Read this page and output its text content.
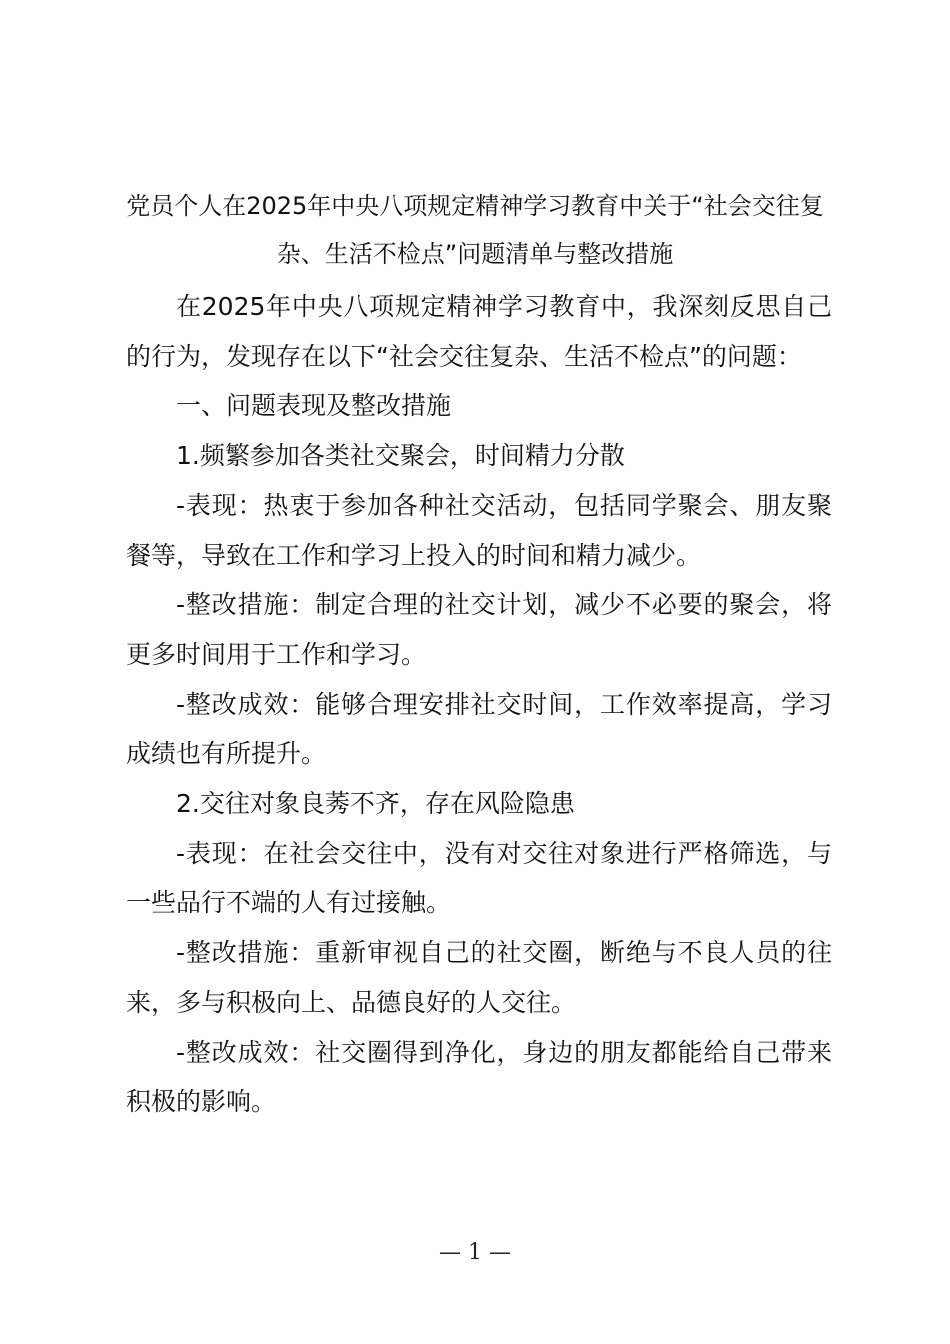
党员个人在2025年中央八项规定精神学习教育中关于“社会交往复杂、生活不检点”问题清单与整改措施

在2025年中央八项规定精神学习教育中，我深刻反思自己的行为，发现存在以下“社会交往复杂、生活不检点”的问题：

一、问题表现及整改措施

1.频繁参加各类社交聚会，时间精力分散

-表现：热衷于参加各种社交活动，包括同学聚会、朋友聚餐等，导致在工作和学习上投入的时间和精力减少。

-整改措施：制定合理的社交计划，减少不必要的聚会，将更多时间用于工作和学习。

-整改成效：能够合理安排社交时间，工作效率提高，学习成绩也有所提升。

2.交往对象良莠不齐，存在风险隐患

-表现：在社会交往中，没有对交往对象进行严格筛选，与一些品行不端的人有过接触。

-整改措施：重新审视自己的社交圈，断绝与不良人员的往来，多与积极向上、品德良好的人交往。

-整改成效：社交圈得到净化，身边的朋友都能给自己带来积极的影响。

— 1 —
